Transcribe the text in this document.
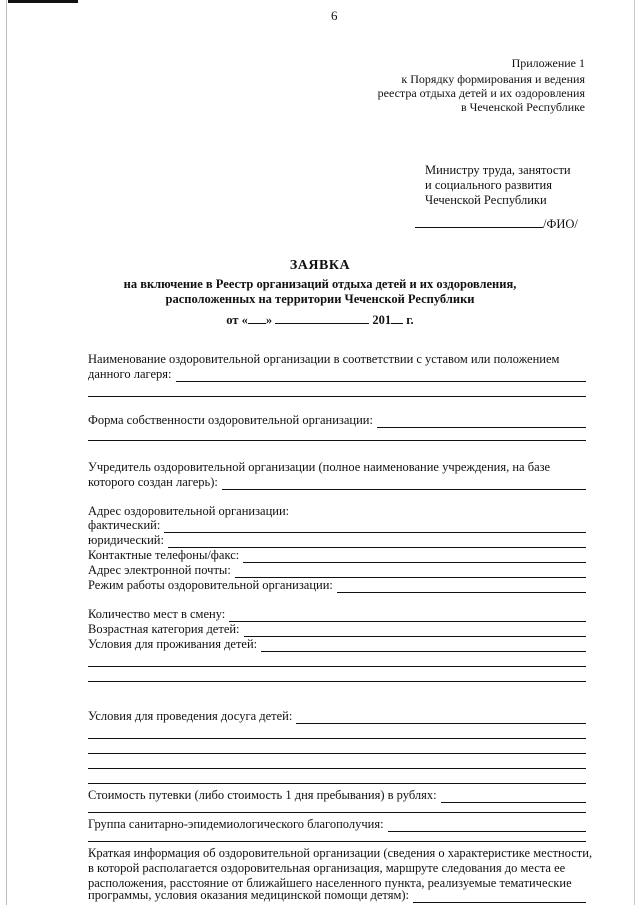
6
Приложение 1
к Порядку формирования и ведения
реестра отдыха детей и их оздоровления
в Чеченской Республике
Министру труда, занятости
и социального развития
Чеченской Республики
/ФИО/
ЗАЯВКА
на включение в Реестр организаций отдыха детей и их оздоровления,
расположенных на территории Чеченской Республики
от « »	201 г.
Наименование оздоровительной организации в соответствии с уставом или положением
данного лагеря:
Форма собственности оздоровительной организации:
Учредитель оздоровительной организации (полное наименование учреждения, на базе
которого создан лагерь):
Адрес оздоровительной организации:
фактический:
юридический:
Контактные телефоны/факс:
Адрес электронной почты:
Режим работы оздоровительной организации:
Количество мест в смену:
Возрастная категория детей:
Условия для проживания детей:
Условия для проведения досуга детей:
Стоимость путевки (либо стоимость 1 дня пребывания) в рублях:
Группа санитарно-эпидемиологического благополучия:
Краткая информация об оздоровительной организации (сведения о характеристике местности,
в которой располагается оздоровительная организация, маршруте следования до места ее
расположения, расстояние от ближайшего населенного пункта, реализуемые тематические
программы, условия оказания медицинской помощи детям):
